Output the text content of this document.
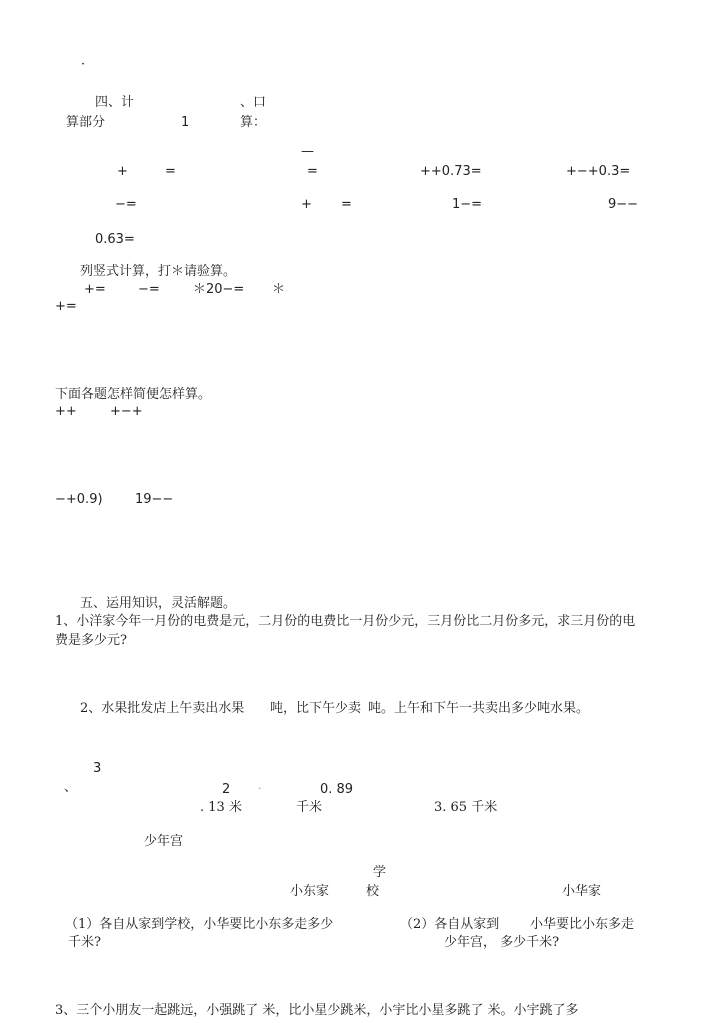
·
四、计	、口
算部分	1	算：
—
+	=	=	++0.73=	+−+0.3=
−=	+ =	1−=	9−−
0.63=
列竖式计算，打＊请验算。
+= −=	＊20−= ＊
+=
下面各题怎样简便怎样算。
++	+−+
−+0.9) 19−−
五、运用知识，灵活解题。
1、小洋家今年一月份的电费是元，二月份的电费比一月份少元，三月份比二月份多元，求三月份的电
费是多少元?
2、水果批发店上午卖出水果 吨，比下午少卖 吨。上午和下午一共卖出多少吨水果。
3
、	2	·	0. 89
. 13 米	千米	3. 65 千米
少年宫
学
小东家	校	小华家
（1）各自从家到学校，小华要比小东多走多少
千米?
（2）各自从家到 小华要比小东多走
少年宫， 多少千米?
3、三个小朋友一起跳远，小强跳了 米，比小星少跳米，小宇比小星多跳了 米。小宇跳了多
